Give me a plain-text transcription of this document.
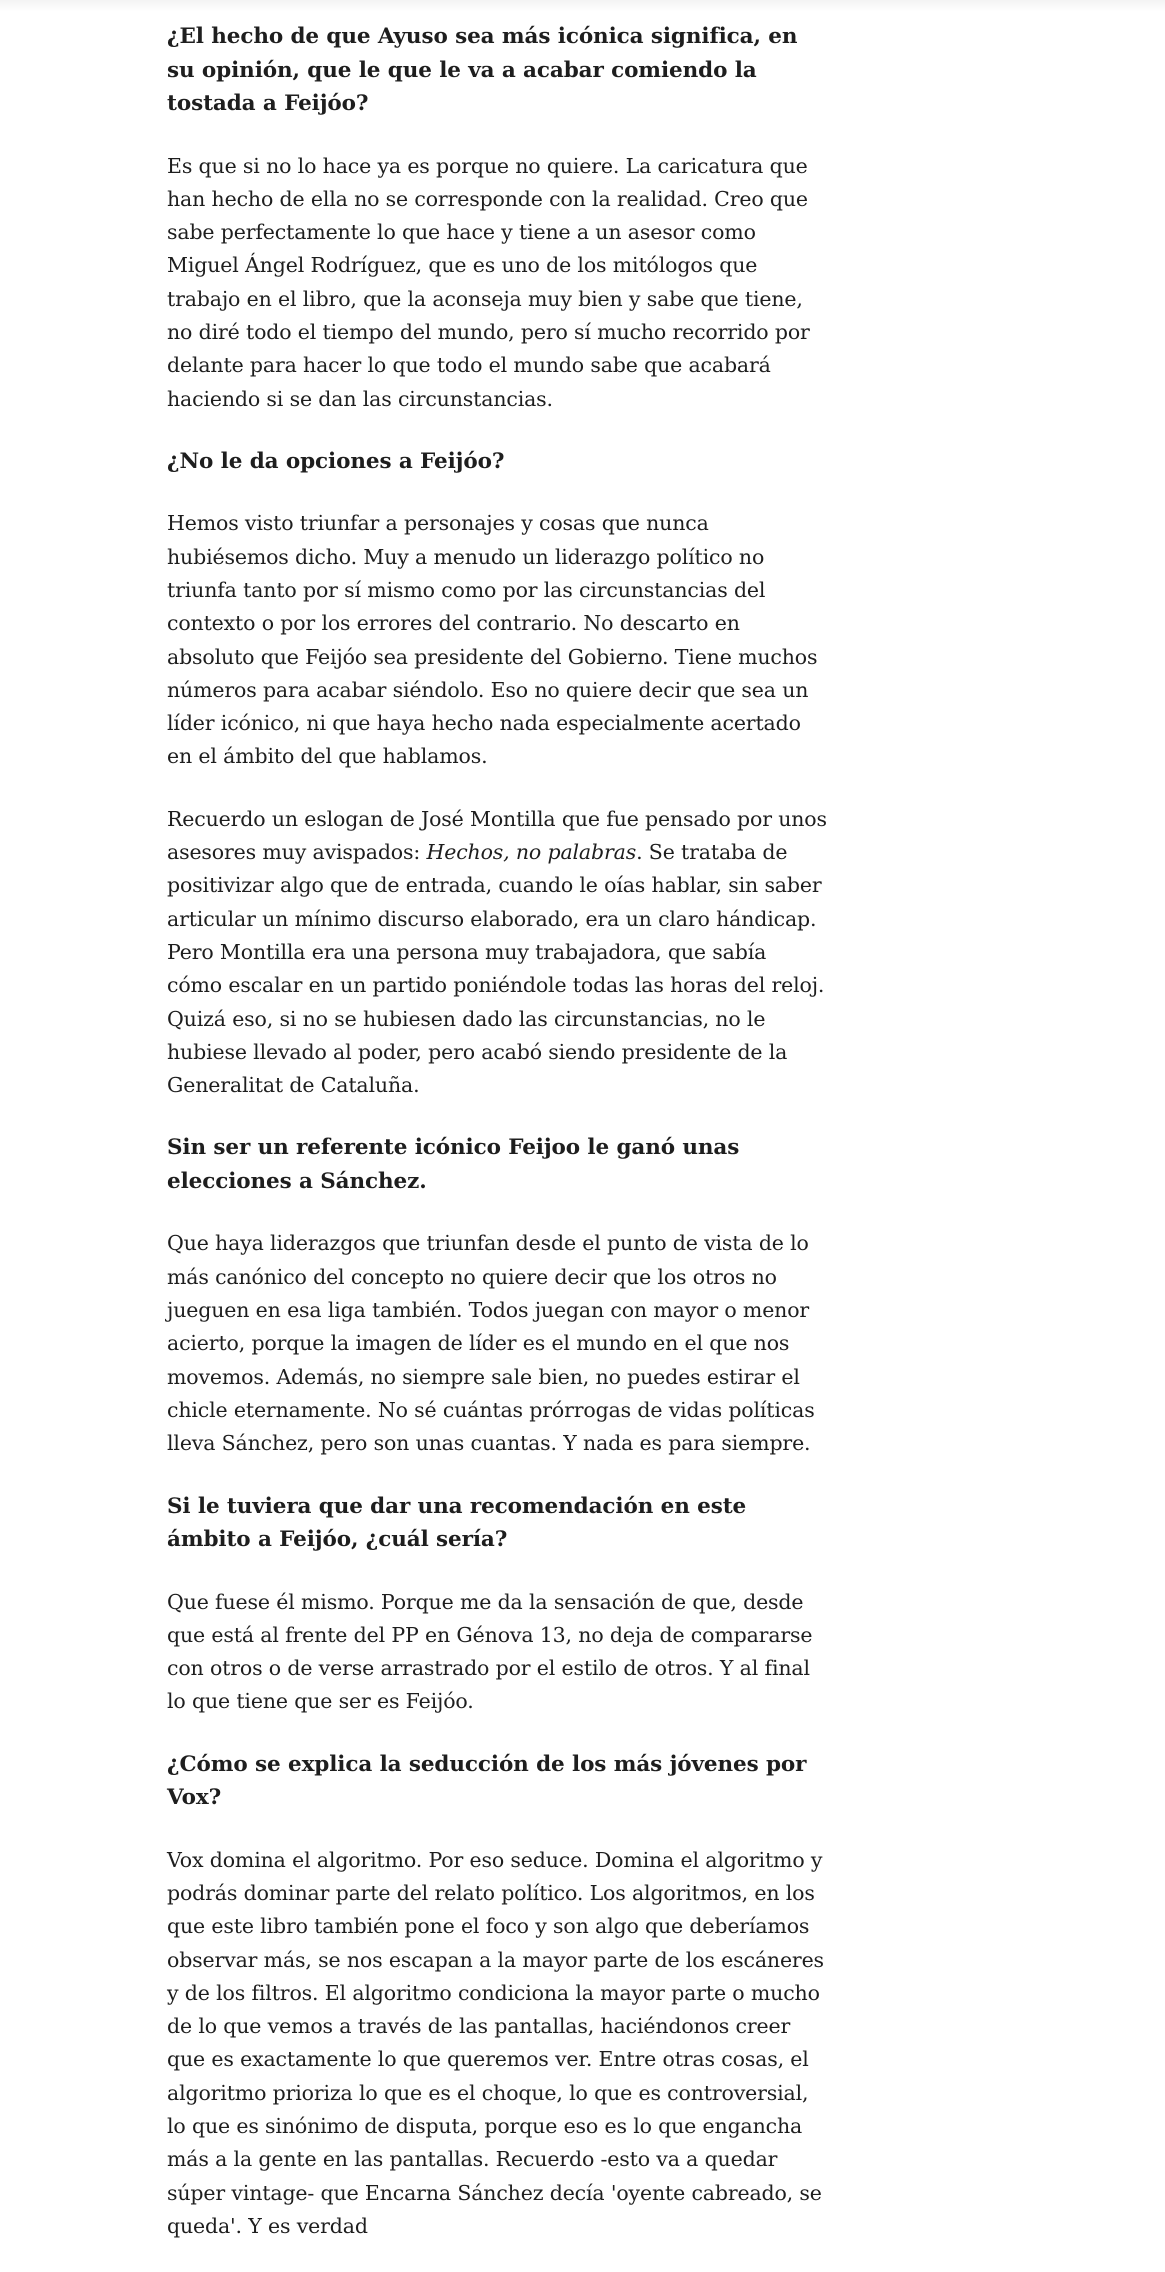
¿El hecho de que Ayuso sea más icónica significa, en su opinión, que le que le va a acabar comiendo la tostada a Feijóo?
Es que si no lo hace ya es porque no quiere. La caricatura que han hecho de ella no se corresponde con la realidad. Creo que sabe perfectamente lo que hace y tiene a un asesor como Miguel Ángel Rodríguez, que es uno de los mitólogos que trabajo en el libro, que la aconseja muy bien y sabe que tiene, no diré todo el tiempo del mundo, pero sí mucho recorrido por delante para hacer lo que todo el mundo sabe que acabará haciendo si se dan las circunstancias.
¿No le da opciones a Feijóo?
Hemos visto triunfar a personajes y cosas que nunca hubiésemos dicho. Muy a menudo un liderazgo político no triunfa tanto por sí mismo como por las circunstancias del contexto o por los errores del contrario. No descarto en absoluto que Feijóo sea presidente del Gobierno. Tiene muchos números para acabar siéndolo. Eso no quiere decir que sea un líder icónico, ni que haya hecho nada especialmente acertado en el ámbito del que hablamos.
Recuerdo un eslogan de José Montilla que fue pensado por unos asesores muy avispados: Hechos, no palabras. Se trataba de positivizar algo que de entrada, cuando le oías hablar, sin saber articular un mínimo discurso elaborado, era un claro hándicap. Pero Montilla era una persona muy trabajadora, que sabía cómo escalar en un partido poniéndole todas las horas del reloj. Quizá eso, si no se hubiesen dado las circunstancias, no le hubiese llevado al poder, pero acabó siendo presidente de la Generalitat de Cataluña.
Sin ser un referente icónico Feijoo le ganó unas elecciones a Sánchez.
Que haya liderazgos que triunfan desde el punto de vista de lo más canónico del concepto no quiere decir que los otros no jueguen en esa liga también. Todos juegan con mayor o menor acierto, porque la imagen de líder es el mundo en el que nos movemos. Además, no siempre sale bien, no puedes estirar el chicle eternamente. No sé cuántas prórrogas de vidas políticas lleva Sánchez, pero son unas cuantas. Y nada es para siempre.
Si le tuviera que dar una recomendación en este ámbito a Feijóo, ¿cuál sería?
Que fuese él mismo. Porque me da la sensación de que, desde que está al frente del PP en Génova 13, no deja de compararse con otros o de verse arrastrado por el estilo de otros. Y al final lo que tiene que ser es Feijóo.
¿Cómo se explica la seducción de los más jóvenes por Vox?
Vox domina el algoritmo. Por eso seduce. Domina el algoritmo y podrás dominar parte del relato político. Los algoritmos, en los que este libro también pone el foco y son algo que deberíamos observar más, se nos escapan a la mayor parte de los escáneres y de los filtros. El algoritmo condiciona la mayor parte o mucho de lo que vemos a través de las pantallas, haciéndonos creer que es exactamente lo que queremos ver. Entre otras cosas, el algoritmo prioriza lo que es el choque, lo que es controversial, lo que es sinónimo de disputa, porque eso es lo que engancha más a la gente en las pantallas. Recuerdo -esto va a quedar súper vintage- que Encarna Sánchez decía 'oyente cabreado, se queda'. Y es verdad
